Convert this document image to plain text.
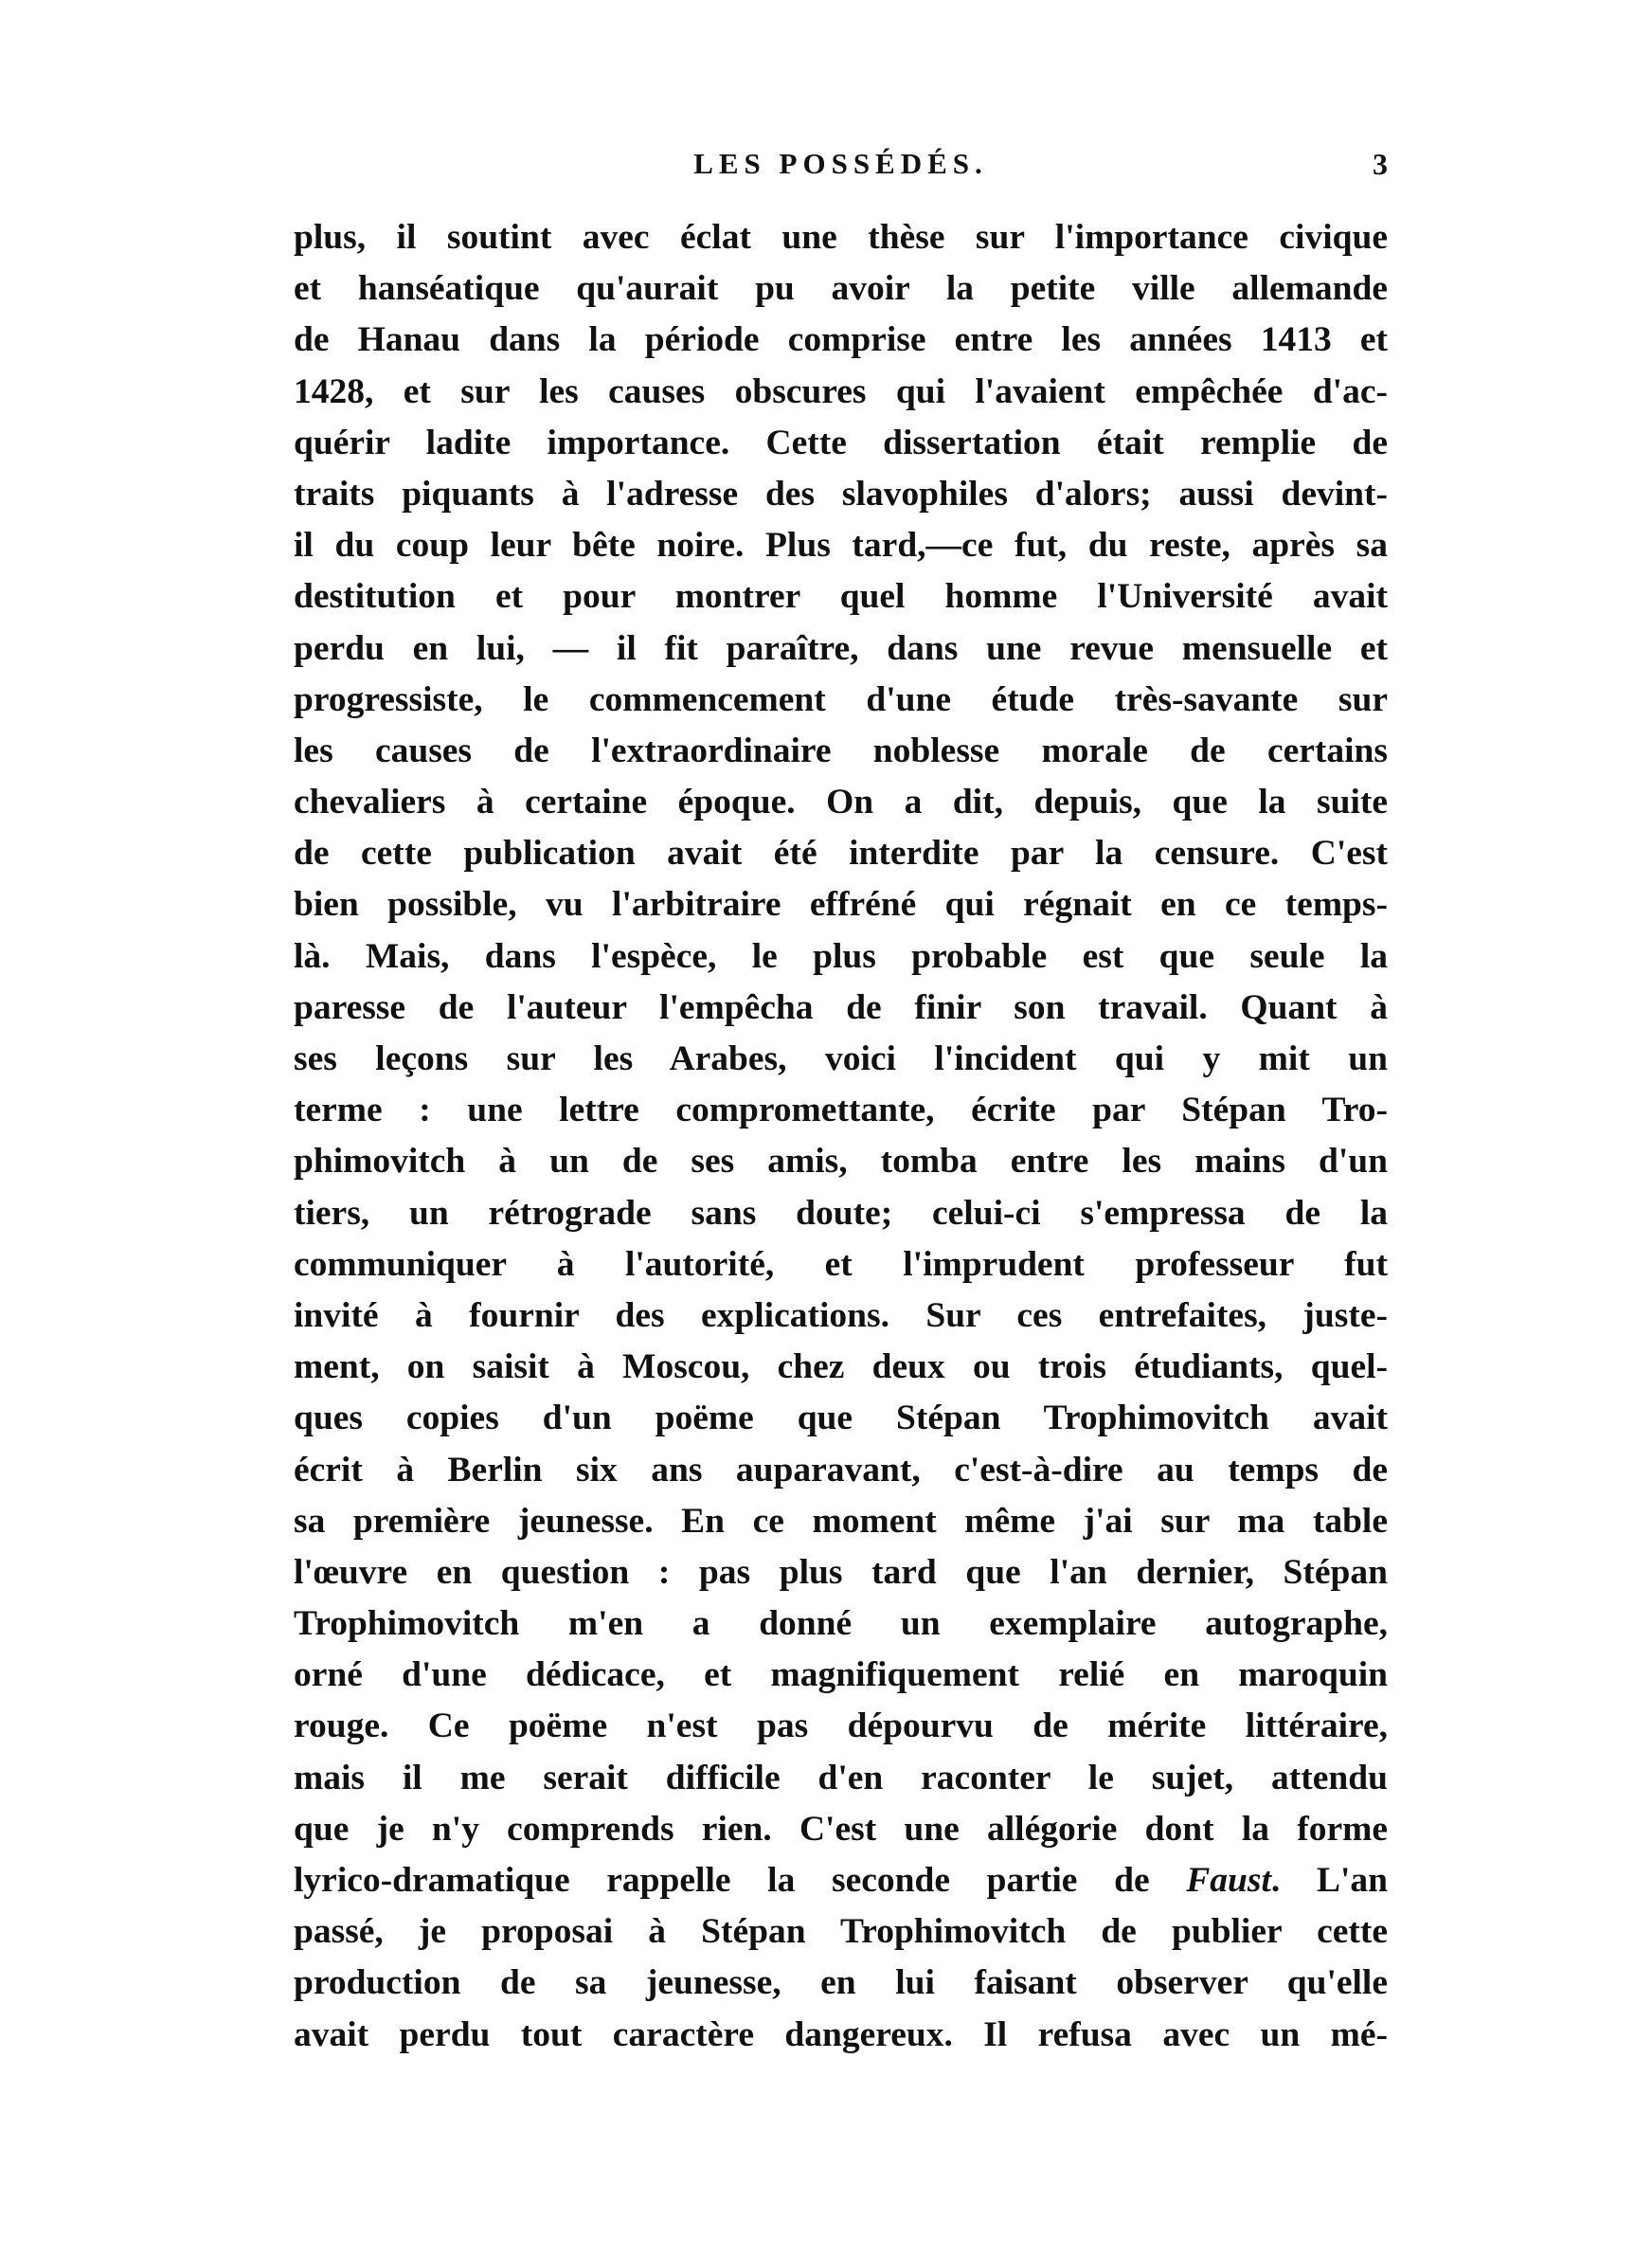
LES POSSÉDÉS.	3
plus, il soutint avec éclat une thèse sur l'importance civique
et hanséatique qu'aurait pu avoir la petite ville allemande
de Hanau dans la période comprise entre les années 1413 et
1428, et sur les causes obscures qui l'avaient empêchée d'ac-
quérir ladite importance. Cette dissertation était remplie de
traits piquants à l'adresse des slavophiles d'alors; aussi devint-
il du coup leur bête noire. Plus tard,—ce fut, du reste, après sa
destitution et pour montrer quel homme l'Université avait
perdu en lui, — il fit paraître, dans une revue mensuelle et
progressiste, le commencement d'une étude très-savante sur
les causes de l'extraordinaire noblesse morale de certains
chevaliers à certaine époque. On a dit, depuis, que la suite
de cette publication avait été interdite par la censure. C'est
bien possible, vu l'arbitraire effréné qui régnait en ce temps-
là. Mais, dans l'espèce, le plus probable est que seule la
paresse de l'auteur l'empêcha de finir son travail. Quant à
ses leçons sur les Arabes, voici l'incident qui y mit un
terme : une lettre compromettante, écrite par Stépan Tro-
phimovitch à un de ses amis, tomba entre les mains d'un
tiers, un rétrograde sans doute; celui-ci s'empressa de la
communiquer à l'autorité, et l'imprudent professeur fut
invité à fournir des explications. Sur ces entrefaites, juste-
ment, on saisit à Moscou, chez deux ou trois étudiants, quel-
ques copies d'un poëme que Stépan Trophimovitch avait
écrit à Berlin six ans auparavant, c'est-à-dire au temps de
sa première jeunesse. En ce moment même j'ai sur ma table
l'œuvre en question : pas plus tard que l'an dernier, Stépan
Trophimovitch m'en a donné un exemplaire autographe,
orné d'une dédicace, et magnifiquement relié en maroquin
rouge. Ce poëme n'est pas dépourvu de mérite littéraire,
mais il me serait difficile d'en raconter le sujet, attendu
que je n'y comprends rien. C'est une allégorie dont la forme
lyrico-dramatique rappelle la seconde partie de Faust. L'an
passé, je proposai à Stépan Trophimovitch de publier cette
production de sa jeunesse, en lui faisant observer qu'elle
avait perdu tout caractère dangereux. Il refusa avec un mé-
